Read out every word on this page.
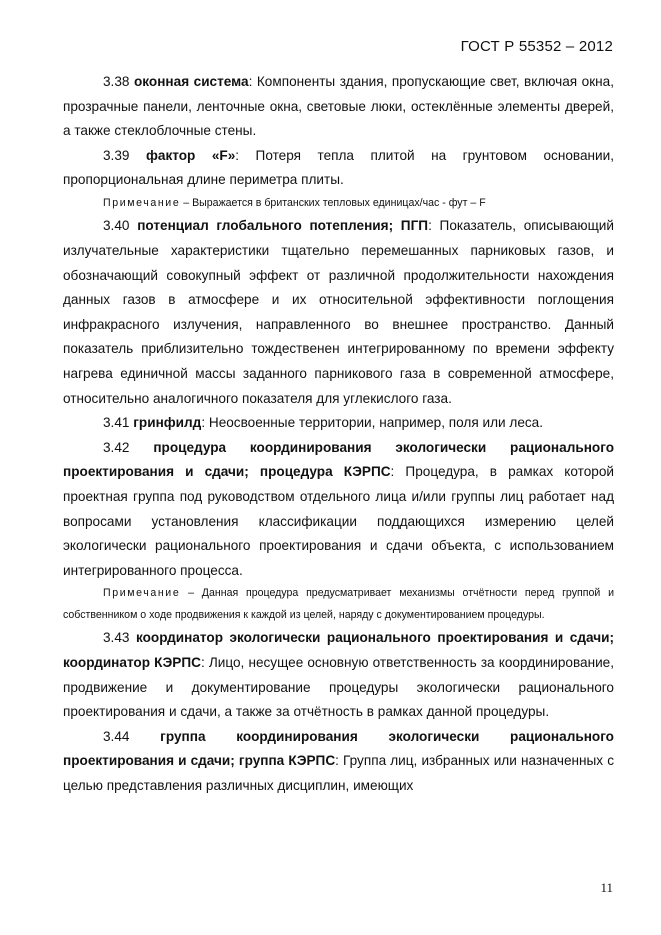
ГОСТ Р 55352 – 2012

3.38 оконная система: Компоненты здания, пропускающие свет, включая окна, прозрачные панели, ленточные окна, световые люки, остеклённые элементы дверей, а также стеклоблочные стены.

3.39 фактор «F»: Потеря тепла плитой на грунтовом основании, пропорциональная длине периметра плиты.

Примечание – Выражается в британских тепловых единицах/час - фут – F

3.40 потенциал глобального потепления; ПГП: Показатель, описывающий излучательные характеристики тщательно перемешанных парниковых газов, и обозначающий совокупный эффект от различной продолжительности нахождения данных газов в атмосфере и их относительной эффективности поглощения инфракрасного излучения, направленного во внешнее пространство. Данный показатель приблизительно тождественен интегрированному по времени эффекту нагрева единичной массы заданного парникового газа в современной атмосфере, относительно аналогичного показателя для углекислого газа.

3.41 гринфилд: Неосвоенные территории, например, поля или леса.

3.42 процедура координирования экологически рационального проектирования и сдачи; процедура КЭРПС: Процедура, в рамках которой проектная группа под руководством отдельного лица и/или группы лиц работает над вопросами установления классификации поддающихся измерению целей экологически рационального проектирования и сдачи объекта, с использованием интегрированного процесса.

Примечание – Данная процедура предусматривает механизмы отчётности перед группой и собственником о ходе продвижения к каждой из целей, наряду с документированием процедуры.

3.43 координатор экологически рационального проектирования и сдачи; координатор КЭРПС: Лицо, несущее основную ответственность за координирование, продвижение и документирование процедуры экологически рационального проектирования и сдачи, а также за отчётность в рамках данной процедуры.

3.44 группа координирования экологически рационального проектирования и сдачи; группа КЭРПС: Группа лиц, избранных или назначенных с целью представления различных дисциплин, имеющих

11
